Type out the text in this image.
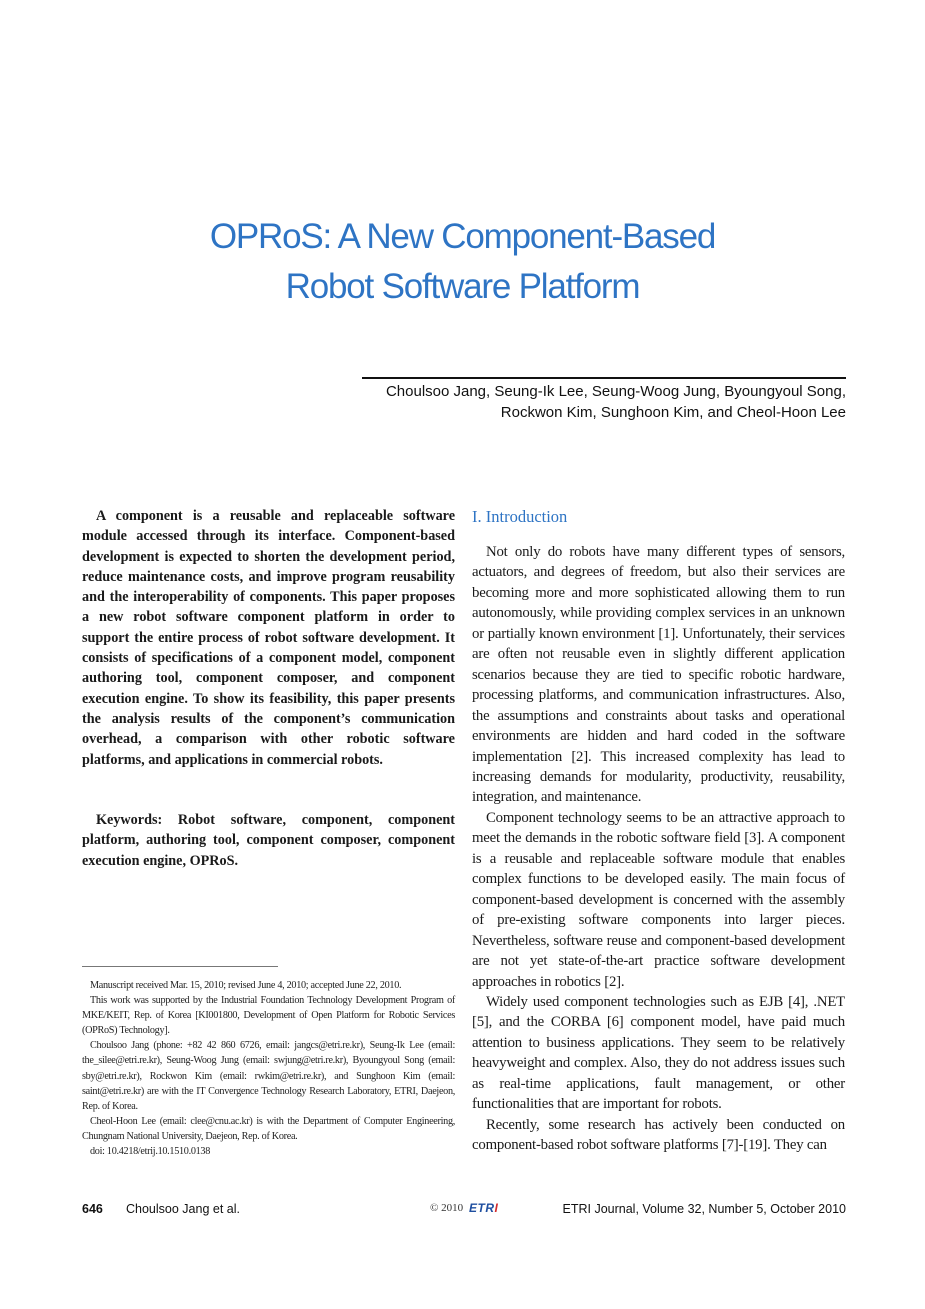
OPRoS: A New Component-Based
Robot Software Platform
Choulsoo Jang, Seung-Ik Lee, Seung-Woog Jung, Byoungyoul Song,
Rockwon Kim, Sunghoon Kim, and Cheol-Hoon Lee

A component is a reusable and replaceable software module accessed through its interface. Component-based development is expected to shorten the development period, reduce maintenance costs, and improve program reusability and the interoperability of components. This paper proposes a new robot software component platform in order to support the entire process of robot software development. It consists of specifications of a component model, component authoring tool, component composer, and component execution engine. To show its feasibility, this paper presents the analysis results of the component’s communication overhead, a comparison with other robotic software platforms, and applications in commercial robots.

Keywords: Robot software, component, component platform, authoring tool, component composer, component execution engine, OPRoS.

Manuscript received Mar. 15, 2010; revised June 4, 2010; accepted June 22, 2010.

This work was supported by the Industrial Foundation Technology Development Program of MKE/KEIT, Rep. of Korea [KI001800, Development of Open Platform for Robotic Services (OPRoS) Technology].

Choulsoo Jang (phone: +82 42 860 6726, email: jangcs@etri.re.kr), Seung-Ik Lee (email: the_silee@etri.re.kr), Seung-Woog Jung (email: swjung@etri.re.kr), Byoungyoul Song (email: sby@etri.re.kr), Rockwon Kim (email: rwkim@etri.re.kr), and Sunghoon Kim (email: saint@etri.re.kr) are with the IT Convergence Technology Research Laboratory, ETRI, Daejeon, Rep. of Korea.

Cheol-Hoon Lee (email: clee@cnu.ac.kr) is with the Department of Computer Engineering, Chungnam National University, Daejeon, Rep. of Korea.

doi: 10.4218/etrij.10.1510.0138

I. Introduction

Not only do robots have many different types of sensors, actuators, and degrees of freedom, but also their services are becoming more and more sophisticated allowing them to run autonomously, while providing complex services in an unknown or partially known environment [1]. Unfortunately, their services are often not reusable even in slightly different application scenarios because they are tied to specific robotic hardware, processing platforms, and communication infrastructures. Also, the assumptions and constraints about tasks and operational environments are hidden and hard coded in the software implementation [2]. This increased complexity has lead to increasing demands for modularity, productivity, reusability, integration, and maintenance.

Component technology seems to be an attractive approach to meet the demands in the robotic software field [3]. A component is a reusable and replaceable software module that enables complex functions to be developed easily. The main focus of component-based development is concerned with the assembly of pre-existing software components into larger pieces. Nevertheless, software reuse and component-based development are not yet state-of-the-art practice software development approaches in robotics [2].

Widely used component technologies such as EJB [4], .NET [5], and the CORBA [6] component model, have paid much attention to business applications. They seem to be relatively heavyweight and complex. Also, they do not address issues such as real-time applications, fault management, or other functionalities that are important for robots.

Recently, some research has actively been conducted on component-based robot software platforms [7]-[19]. They can

646 Choulsoo Jang et al.	© 2010 ETR I	ETRI Journal, Volume 32, Number 5, October 2010
